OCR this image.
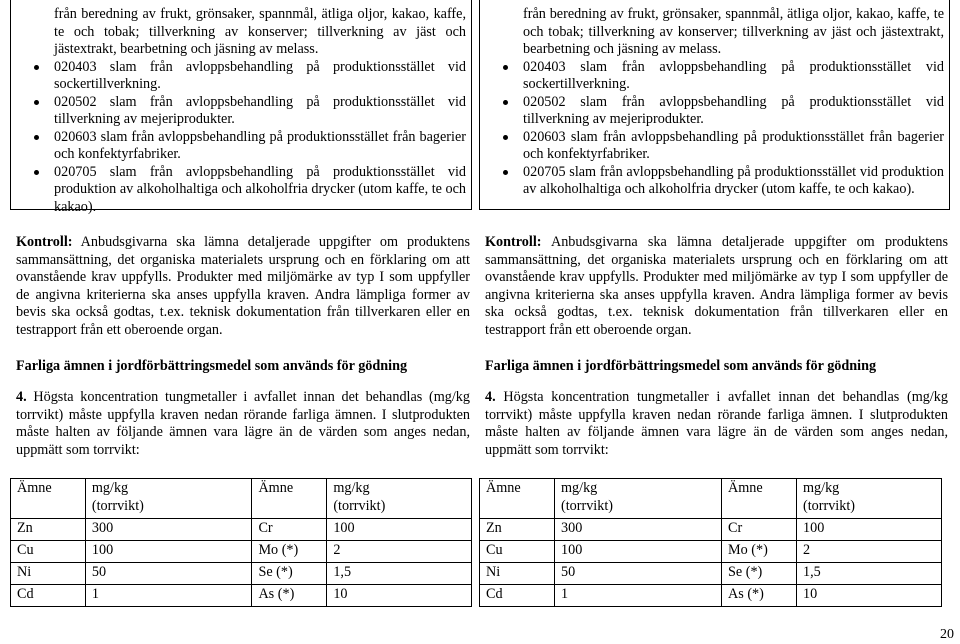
från beredning av frukt, grönsaker, spannmål, ätliga oljor, kakao, kaffe, te och tobak; tillverkning av konserver; tillverkning av jäst och jästextrakt, bearbetning och jäsning av melass.

020403 slam från avloppsbehandling på produktionsstället vid sockertillverkning.
020502 slam från avloppsbehandling på produktionsstället vid tillverkning av mejeriprodukter.
020603 slam från avloppsbehandling på produktionsstället från bagerier och konfektyrfabriker.
020705 slam från avloppsbehandling på produktionsstället vid produktion av alkoholhaltiga och alkoholfria drycker (utom kaffe, te och kakao).

Kontroll: Anbudsgivarna ska lämna detaljerade uppgifter om produktens sammansättning, det organiska materialets ursprung och en förklaring om att ovanstående krav uppfylls. Produkter med miljömärke av typ I som uppfyller de angivna kriterierna ska anses uppfylla kraven. Andra lämpliga former av bevis ska också godtas, t.ex. teknisk dokumentation från tillverkaren eller en testrapport från ett oberoende organ.

Farliga ämnen i jordförbättringsmedel som används för gödning

4. Högsta koncentration tungmetaller i avfallet innan det behandlas (mg/kg torrvikt) måste uppfylla kraven nedan rörande farliga ämnen. I slutprodukten måste halten av följande ämnen vara lägre än de värden som anges nedan, uppmätt som torrvikt:

Ämne	mg/kg
(torrvikt)	Ämne	mg/kg
(torrvikt)
Zn	300	Cr	100
Cu	100	Mo (*)	2
Ni	50	Se (*)	1,5
Cd	1	As (*)	10

från beredning av frukt, grönsaker, spannmål, ätliga oljor, kakao, kaffe, te och tobak; tillverkning av konserver; tillverkning av jäst och jästextrakt, bearbetning och jäsning av melass.

020403 slam från avloppsbehandling på produktionsstället vid sockertillverkning.
020502 slam från avloppsbehandling på produktionsstället vid tillverkning av mejeriprodukter.
020603 slam från avloppsbehandling på produktionsstället från bagerier och konfektyrfabriker.
020705 slam från avloppsbehandling på produktionsstället vid produktion av alkoholhaltiga och alkoholfria drycker (utom kaffe, te och kakao).

Kontroll: Anbudsgivarna ska lämna detaljerade uppgifter om produktens sammansättning, det organiska materialets ursprung och en förklaring om att ovanstående krav uppfylls. Produkter med miljömärke av typ I som uppfyller de angivna kriterierna ska anses uppfylla kraven. Andra lämpliga former av bevis ska också godtas, t.ex. teknisk dokumentation från tillverkaren eller en testrapport från ett oberoende organ.

Farliga ämnen i jordförbättringsmedel som används för gödning

4. Högsta koncentration tungmetaller i avfallet innan det behandlas (mg/kg torrvikt) måste uppfylla kraven nedan rörande farliga ämnen. I slutprodukten måste halten av följande ämnen vara lägre än de värden som anges nedan, uppmätt som torrvikt:

Ämne	mg/kg
(torrvikt)	Ämne	mg/kg
(torrvikt)
Zn	300	Cr	100
Cu	100	Mo (*)	2
Ni	50	Se (*)	1,5
Cd	1	As (*)	10
20
